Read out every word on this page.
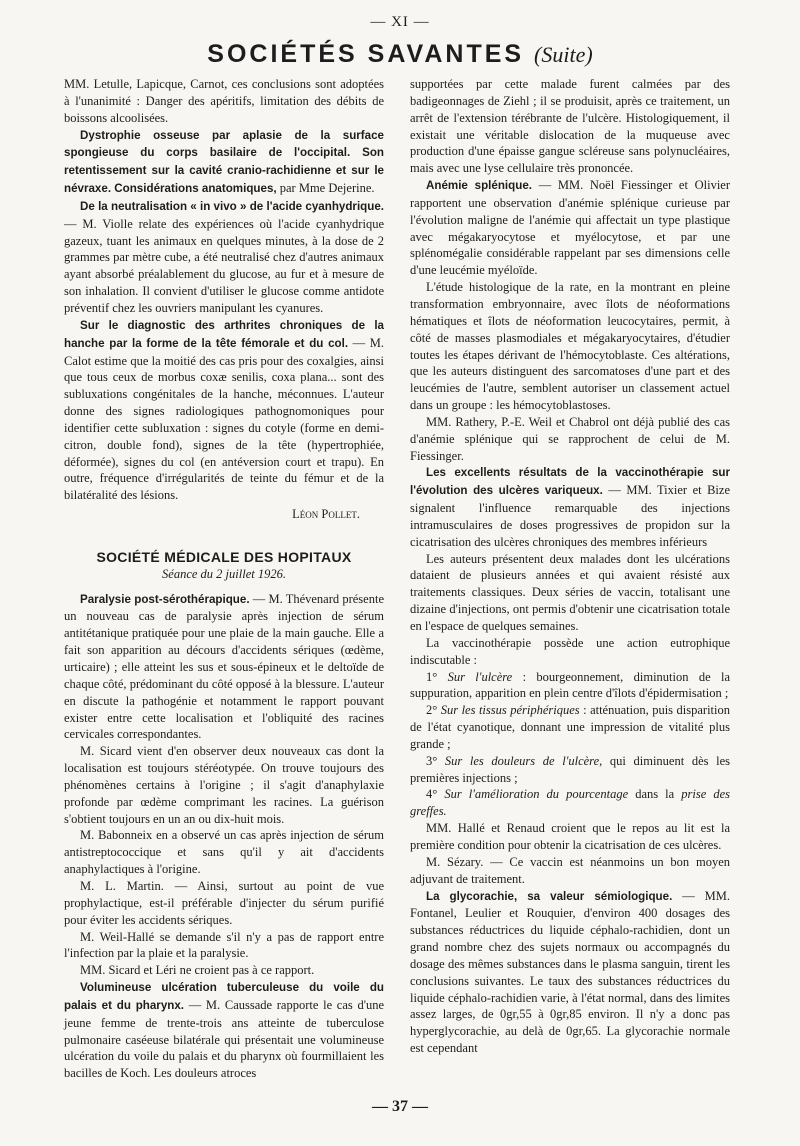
— XI —
SOCIÉTÉS SAVANTES (Suite)

MM. Letulle, Lapicque, Carnot, ces conclusions sont adoptées à l'unanimité : Danger des apéritifs, limitation des débits de boissons alcoolisées.

Dystrophie osseuse par aplasie de la surface spongieuse du corps basilaire de l'occipital. Son retentissement sur la cavité cranio-rachidienne et sur le névraxe. Considérations anatomiques, par Mme Dejerine.

De la neutralisation « in vivo » de l'acide cyanhydrique. — M. Violle relate des expériences où l'acide cyanhydrique gazeux, tuant les animaux en quelques minutes, à la dose de 2 grammes par mètre cube, a été neutralisé chez d'autres animaux ayant absorbé préalablement du glucose, au fur et à mesure de son inhalation. Il convient d'utiliser le glucose comme antidote préventif chez les ouvriers manipulant les cyanures.

Sur le diagnostic des arthrites chroniques de la hanche par la forme de la tête fémorale et du col. — M. Calot estime que la moitié des cas pris pour des coxalgies, ainsi que tous ceux de morbus coxæ senilis, coxa plana... sont des subluxations congénitales de la hanche, méconnues. L'auteur donne des signes radiologiques pathognomoniques pour identifier cette subluxation : signes du cotyle (forme en demi-citron, double fond), signes de la tête (hypertrophiée, déformée), signes du col (en antéversion court et trapu). En outre, fréquence d'irrégularités de teinte du fémur et de la bilatéralité des lésions.

Léon Pollet.

SOCIÉTÉ MÉDICALE DES HOPITAUX
Séance du 2 juillet 1926.

Paralysie post-sérothérapique. — M. Thévenard présente un nouveau cas de paralysie après injection de sérum antitétanique pratiquée pour une plaie de la main gauche. Elle a fait son apparition au décours d'accidents sériques (œdème, urticaire) ; elle atteint les sus et sous-épineux et le deltoïde de chaque côté, prédominant du côté opposé à la blessure. L'auteur en discute la pathogénie et notamment le rapport pouvant exister entre cette localisation et l'obliquité des racines cervicales correspondantes.

M. Sicard vient d'en observer deux nouveaux cas dont la localisation est toujours stéréotypée. On trouve toujours des phénomènes certains à l'origine ; il s'agit d'anaphylaxie profonde par œdème comprimant les racines. La guérison s'obtient toujours en un an ou dix-huit mois.

M. Babonneix en a observé un cas après injection de sérum antistreptococcique et sans qu'il y ait d'accidents anaphylactiques à l'origine.

M. L. Martin. — Ainsi, surtout au point de vue prophylactique, est-il préférable d'injecter du sérum purifié pour éviter les accidents sériques.

M. Weil-Hallé se demande s'il n'y a pas de rapport entre l'infection par la plaie et la paralysie.

MM. Sicard et Léri ne croient pas à ce rapport.

Volumineuse ulcération tuberculeuse du voile du palais et du pharynx. — M. Caussade rapporte le cas d'une jeune femme de trente-trois ans atteinte de tuberculose pulmonaire caséeuse bilatérale qui présentait une volumineuse ulcération du voile du palais et du pharynx où fourmillaient les bacilles de Koch. Les douleurs atroces

supportées par cette malade furent calmées par des badigeonnages de Ziehl ; il se produisit, après ce traitement, un arrêt de l'extension térébrante de l'ulcère. Histologiquement, il existait une véritable dislocation de la muqueuse avec production d'une épaisse gangue scléreuse sans polynucléaires, mais avec une lyse cellulaire très prononcée.

Anémie splénique. — MM. Noël Fiessinger et Olivier rapportent une observation d'anémie splénique curieuse par l'évolution maligne de l'anémie qui affectait un type plastique avec mégakaryocytose et myélocytose, et par une splénomégalie considérable rappelant par ses dimensions celle d'une leucémie myéloïde.

L'étude histologique de la rate, en la montrant en pleine transformation embryonnaire, avec îlots de néoformations hématiques et îlots de néoformation leucocytaires, permit, à côté de masses plasmodiales et mégakaryocytaires, d'étudier toutes les étapes dérivant de l'hémocytoblaste. Ces altérations, que les auteurs distinguent des sarcomatoses d'une part et des leucémies de l'autre, semblent autoriser un classement actuel dans un groupe : les hémocytoblastoses.

MM. Rathery, P.-E. Weil et Chabrol ont déjà publié des cas d'anémie splénique qui se rapprochent de celui de M. Fiessinger.

Les excellents résultats de la vaccinothérapie sur l'évolution des ulcères variqueux. — MM. Tixier et Bize signalent l'influence remarquable des injections intramusculaires de doses progressives de propidon sur la cicatrisation des ulcères chroniques des membres inférieurs

Les auteurs présentent deux malades dont les ulcérations dataient de plusieurs années et qui avaient résisté aux traitements classiques. Deux séries de vaccin, totalisant une dizaine d'injections, ont permis d'obtenir une cicatrisation totale en l'espace de quelques semaines.

La vaccinothérapie possède une action eutrophique indiscutable :

1° Sur l'ulcère : bourgeonnement, diminution de la suppuration, apparition en plein centre d'îlots d'épidermisation ;

2° Sur les tissus périphériques : atténuation, puis disparition de l'état cyanotique, donnant une impression de vitalité plus grande ;

3° Sur les douleurs de l'ulcère, qui diminuent dès les premières injections ;

4° Sur l'amélioration du pourcentage dans la prise des greffes.

MM. Hallé et Renaud croient que le repos au lit est la première condition pour obtenir la cicatrisation de ces ulcères.

M. Sézary. — Ce vaccin est néanmoins un bon moyen adjuvant de traitement.

La glycorachie, sa valeur sémiologique. — MM. Fontanel, Leulier et Rouquier, d'environ 400 dosages des substances réductrices du liquide céphalo-rachidien, dont un grand nombre chez des sujets normaux ou accompagnés du dosage des mêmes substances dans le plasma sanguin, tirent les conclusions suivantes. Le taux des substances réductrices du liquide céphalo-rachidien varie, à l'état normal, dans des limites assez larges, de 0gr,55 à 0gr,85 environ. Il n'y a donc pas hyperglycorachie, au delà de 0gr,65. La glycorachie normale est cependant

— 37 —
